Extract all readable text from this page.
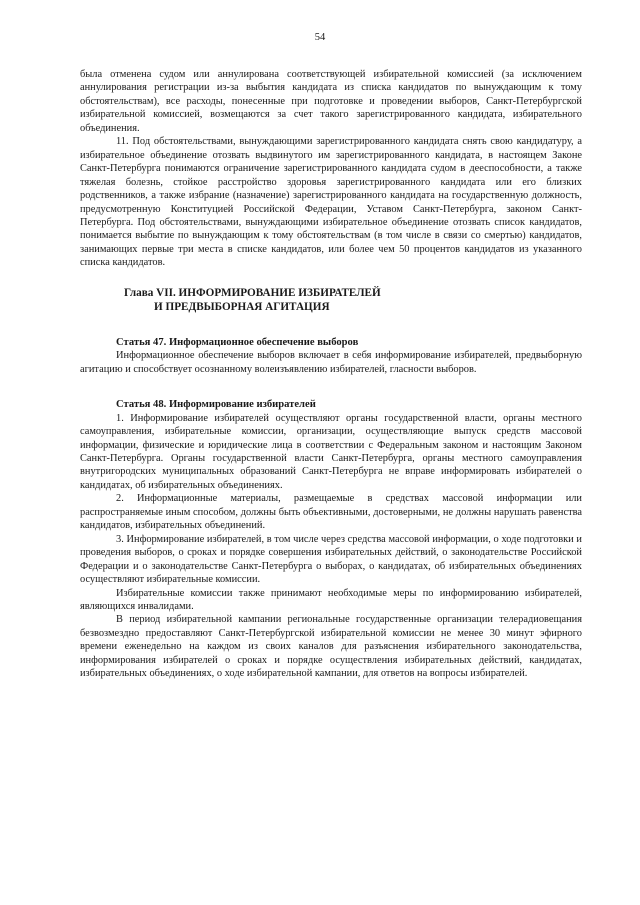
54

была отменена судом или аннулирована соответствующей избирательной комиссией (за исключением аннулирования регистрации из-за выбытия кандидата из списка кандидатов по вынуждающим к тому обстоятельствам), все расходы, понесенные при подготовке и проведении выборов, Санкт-Петербургской избирательной комиссией, возмещаются за счет такого зарегистрированного кандидата, избирательного объединения.

11. Под обстоятельствами, вынуждающими зарегистрированного кандидата снять свою кандидатуру, а избирательное объединение отозвать выдвинутого им зарегистрированного кандидата, в настоящем Законе Санкт-Петербурга понимаются ограничение зарегистрированного кандидата судом в дееспособности, а также тяжелая болезнь, стойкое расстройство здоровья зарегистрированного кандидата или его близких родственников, а также избрание (назначение) зарегистрированного кандидата на государственную должность, предусмотренную Конституцией Российской Федерации, Уставом Санкт-Петербурга, законом Санкт-Петербурга. Под обстоятельствами, вынуждающими избирательное объединение отозвать список кандидатов, понимается выбытие по вынуждающим к тому обстоятельствам (в том числе в связи со смертью) кандидатов, занимающих первые три места в списке кандидатов, или более чем 50 процентов кандидатов из указанного списка кандидатов.

Глава VII. ИНФОРМИРОВАНИЕ ИЗБИРАТЕЛЕЙ
И ПРЕДВЫБОРНАЯ АГИТАЦИЯ
Статья 47. Информационное обеспечение выборов

Информационное обеспечение выборов включает в себя информирование избирателей, предвыборную агитацию и способствует осознанному волеизъявлению избирателей, гласности выборов.

Статья 48. Информирование избирателей

1. Информирование избирателей осуществляют органы государственной власти, органы местного самоуправления, избирательные комиссии, организации, осуществляющие выпуск средств массовой информации, физические и юридические лица в соответствии с Федеральным законом и настоящим Законом Санкт-Петербурга. Органы государственной власти Санкт-Петербурга, органы местного самоуправления внутригородских муниципальных образований Санкт-Петербурга не вправе информировать избирателей о кандидатах, об избирательных объединениях.

2. Информационные материалы, размещаемые в средствах массовой информации или распространяемые иным способом, должны быть объективными, достоверными, не должны нарушать равенства кандидатов, избирательных объединений.

3. Информирование избирателей, в том числе через средства массовой информации, о ходе подготовки и проведения выборов, о сроках и порядке совершения избирательных действий, о законодательстве Российской Федерации и о законодательстве Санкт-Петербурга о выборах, о кандидатах, об избирательных объединениях осуществляют избирательные комиссии.

Избирательные комиссии также принимают необходимые меры по информированию избирателей, являющихся инвалидами.

В период избирательной кампании региональные государственные организации телерадиовещания безвозмездно предоставляют Санкт-Петербургской избирательной комиссии не менее 30 минут эфирного времени еженедельно на каждом из своих каналов для разъяснения избирательного законодательства, информирования избирателей о сроках и порядке осуществления избирательных действий, кандидатах, избирательных объединениях, о ходе избирательной кампании, для ответов на вопросы избирателей.
